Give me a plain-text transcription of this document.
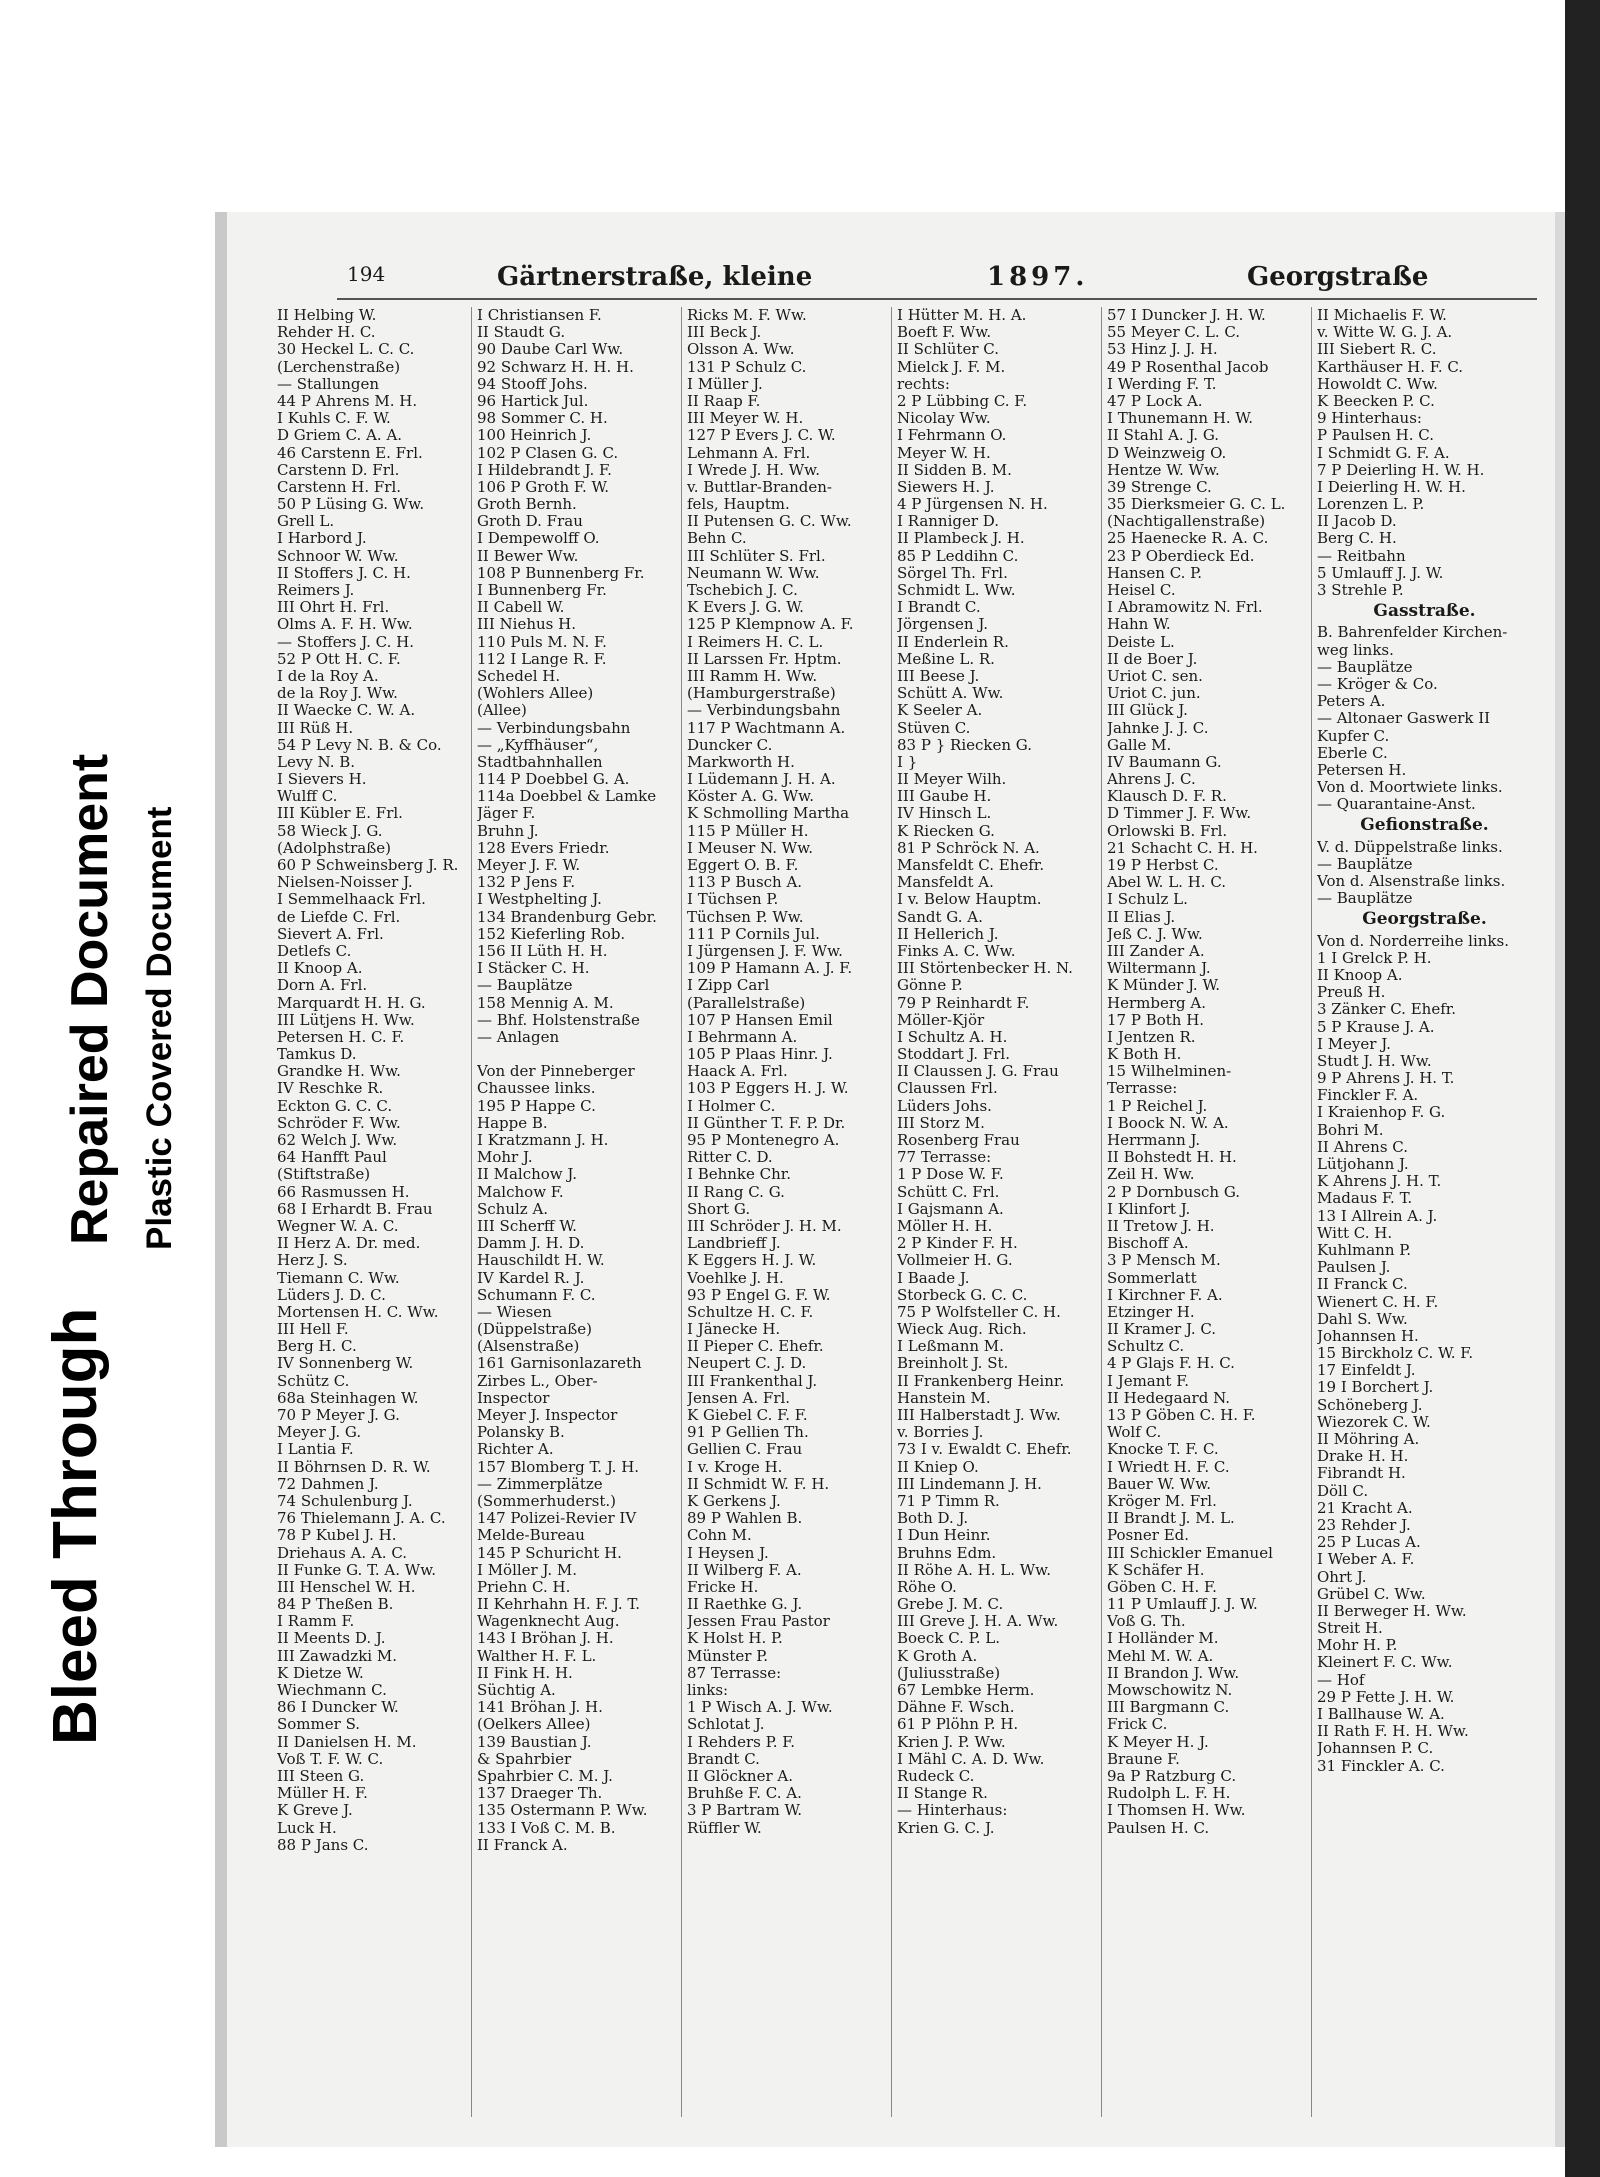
Bleed Through
Repaired Document Plastic Covered Document
194	Gärtnerstraße, kleine	1897.	Georgstraße
II Helbing W.
Rehder H. C.
30 Heckel L. C. C.
(Lerchenstraße)
— Stallungen
44 P Ahrens M. H.
I Kuhls C. F. W.
D Griem C. A. A.
46 Carstenn E. Frl.
Carstenn D. Frl.
Carstenn H. Frl.
50 P Lüsing G. Ww.
Grell L.
I Harbord J.
Schnoor W. Ww.
II Stoffers J. C. H.
Reimers J.
III Ohrt H. Frl.
Olms A. F. H. Ww.
— Stoffers J. C. H.
52 P Ott H. C. F.
I de la Roy A.
de la Roy J. Ww.
II Waecke C. W. A.
III Rüß H.
54 P Levy N. B. & Co.
Levy N. B.
I Sievers H.
Wulff C.
III Kübler E. Frl.
58 Wieck J. G.
(Adolphstraße)
60 P Schweinsberg J. R.
Nielsen-Noisser J.
I Semmelhaack Frl.
de Liefde C. Frl.
Sievert A. Frl.
Detlefs C.
II Knoop A.
Dorn A. Frl.
Marquardt H. H. G.
III Lütjens H. Ww.
Petersen H. C. F.
Tamkus D.
Grandke H. Ww.
IV Reschke R.
Eckton G. C. C.
Schröder F. Ww.
62 Welch J. Ww.
64 Hanfft Paul
(Stiftstraße)
66 Rasmussen H.
68 I Erhardt B. Frau
Wegner W. A. C.
II Herz A. Dr. med.
Herz J. S.
Tiemann C. Ww.
Lüders J. D. C.
Mortensen H. C. Ww.
III Hell F.
Berg H. C.
IV Sonnenberg W.
Schütz C.
68a Steinhagen W.
70 P Meyer J. G.
Meyer J. G.
I Lantia F.
II Böhrnsen D. R. W.
72 Dahmen J.
74 Schulenburg J.
76 Thielemann J. A. C.
78 P Kubel J. H.
Driehaus A. A. C.
II Funke G. T. A. Ww.
III Henschel W. H.
84 P Theßen B.
I Ramm F.
II Meents D. J.
III Zawadzki M.
K Dietze W.
Wiechmann C.
86 I Duncker W.
Sommer S.
II Danielsen H. M.
Voß T. F. W. C.
III Steen G.
Müller H. F.
K Greve J.
Luck H.
88 P Jans C.
I Christiansen F.
II Staudt G.
90 Daube Carl Ww.
92 Schwarz H. H. H.
94 Stooff Johs.
96 Hartick Jul.
98 Sommer C. H.
100 Heinrich J.
102 P Clasen G. C.
I Hildebrandt J. F.
106 P Groth F. W.
Groth Bernh.
Groth D. Frau
I Dempewolff O.
II Bewer Ww.
108 P Bunnenberg Fr.
I Bunnenberg Fr.
II Cabell W.
III Niehus H.
110 Puls M. N. F.
112 I Lange R. F.
Schedel H.
(Wohlers Allee)
(Allee)
— Verbindungsbahn
— „Kyffhäuser“,
Stadtbahnhallen
114 P Doebbel G. A.
114a Doebbel & Lamke
Jäger F.
Bruhn J.
128 Evers Friedr.
Meyer J. F. W.
132 P Jens F.
I Westphelting J.
134 Brandenburg Gebr.
152 Kieferling Rob.
156 II Lüth H. H.
I Stäcker C. H.
— Bauplätze
158 Mennig A. M.
— Bhf. Holstenstraße
— Anlagen
Von der Pinneberger
Chaussee links.
195 P Happe C.
Happe B.
I Kratzmann J. H.
Mohr J.
II Malchow J.
Malchow F.
Schulz A.
III Scherff W.
Damm J. H. D.
Hauschildt H. W.
IV Kardel R. J.
Schumann F. C.
— Wiesen
(Düppelstraße)
(Alsenstraße)
161 Garnisonlazareth
Zirbes L., Ober-
Inspector
Meyer J. Inspector
Polansky B.
Richter A.
157 Blomberg T. J. H.
— Zimmerplätze
(Sommerhuderst.)
147 Polizei-Revier IV
Melde-Bureau
145 P Schuricht H.
I Möller J. M.
Priehn C. H.
II Kehrhahn H. F. J. T.
Wagenknecht Aug.
143 I Bröhan J. H.
Walther H. F. L.
II Fink H. H.
Süchtig A.
141 Bröhan J. H.
(Oelkers Allee)
139 Baustian J.
& Spahrbier
Spahrbier C. M. J.
137 Draeger Th.
135 Ostermann P. Ww.
133 I Voß C. M. B.
II Franck A.
Ricks M. F. Ww.
III Beck J.
Olsson A. Ww.
131 P Schulz C.
I Müller J.
II Raap F.
III Meyer W. H.
127 P Evers J. C. W.
Lehmann A. Frl.
I Wrede J. H. Ww.
v. Buttlar-Branden-
fels, Hauptm.
II Putensen G. C. Ww.
Behn C.
III Schlüter S. Frl.
Neumann W. Ww.
Tschebich J. C.
K Evers J. G. W.
125 P Klempnow A. F.
I Reimers H. C. L.
II Larssen Fr. Hptm.
III Ramm H. Ww.
(Hamburgerstraße)
— Verbindungsbahn
117 P Wachtmann A.
Duncker C.
Markworth H.
I Lüdemann J. H. A.
Köster A. G. Ww.
K Schmolling Martha
115 P Müller H.
I Meuser N. Ww.
Eggert O. B. F.
113 P Busch A.
I Tüchsen P.
Tüchsen P. Ww.
111 P Cornils Jul.
I Jürgensen J. F. Ww.
109 P Hamann A. J. F.
I Zipp Carl
(Parallelstraße)
107 P Hansen Emil
I Behrmann A.
105 P Plaas Hinr. J.
Haack A. Frl.
103 P Eggers H. J. W.
I Holmer C.
II Günther T. F. P. Dr.
95 P Montenegro A.
Ritter C. D.
I Behnke Chr.
II Rang C. G.
Short G.
III Schröder J. H. M.
Landbrieff J.
K Eggers H. J. W.
Voehlke J. H.
93 P Engel G. F. W.
Schultze H. C. F.
I Jänecke H.
II Pieper C. Ehefr.
Neupert C. J. D.
III Frankenthal J.
Jensen A. Frl.
K Giebel C. F. F.
91 P Gellien Th.
Gellien C. Frau
I v. Kroge H.
II Schmidt W. F. H.
K Gerkens J.
89 P Wahlen B.
Cohn M.
I Heysen J.
II Wilberg F. A.
Fricke H.
II Raethke G. J.
Jessen Frau Pastor
K Holst H. P.
Münster P.
87 Terrasse:
links:
1 P Wisch A. J. Ww.
Schlotat J.
I Rehders P. F.
Brandt C.
II Glöckner A.
Bruhße F. C. A.
3 P Bartram W.
Rüffler W.
I Hütter M. H. A.
Boeft F. Ww.
II Schlüter C.
Mielck J. F. M.
rechts:
2 P Lübbing C. F.
Nicolay Ww.
I Fehrmann O.
Meyer W. H.
II Sidden B. M.
Siewers H. J.
4 P Jürgensen N. H.
I Ranniger D.
II Plambeck J. H.
85 P Leddihn C.
Sörgel Th. Frl.
Schmidt L. Ww.
I Brandt C.
Jörgensen J.
II Enderlein R.
Meßine L. R.
III Beese J.
Schütt A. Ww.
K Seeler A.
Stüven C.
83 P } Riecken G.
I }
II Meyer Wilh.
III Gaube H.
IV Hinsch L.
K Riecken G.
81 P Schröck N. A.
Mansfeldt C. Ehefr.
Mansfeldt A.
I v. Below Hauptm.
Sandt G. A.
II Hellerich J.
Finks A. C. Ww.
III Störtenbecker H. N.
Gönne P.
79 P Reinhardt F.
Möller-Kjör
I Schultz A. H.
Stoddart J. Frl.
II Claussen J. G. Frau
Claussen Frl.
Lüders Johs.
III Storz M.
Rosenberg Frau
77 Terrasse:
1 P Dose W. F.
Schütt C. Frl.
I Gajsmann A.
Möller H. H.
2 P Kinder F. H.
Vollmeier H. G.
I Baade J.
Storbeck G. C. C.
75 P Wolfsteller C. H.
Wieck Aug. Rich.
I Leßmann M.
Breinholt J. St.
II Frankenberg Heinr.
Hanstein M.
III Halberstadt J. Ww.
v. Borries J.
73 I v. Ewaldt C. Ehefr.
II Kniep O.
III Lindemann J. H.
71 P Timm R.
Both D. J.
I Dun Heinr.
Bruhns Edm.
II Röhe A. H. L. Ww.
Röhe O.
Grebe J. M. C.
III Greve J. H. A. Ww.
Boeck C. P. L.
K Groth A.
(Juliusstraße)
67 Lembke Herm.
Dähne F. Wsch.
61 P Plöhn P. H.
Krien J. P. Ww.
I Mähl C. A. D. Ww.
Rudeck C.
II Stange R.
— Hinterhaus:
Krien G. C. J.
57 I Duncker J. H. W.
55 Meyer C. L. C.
53 Hinz J. J. H.
49 P Rosenthal Jacob
I Werding F. T.
47 P Lock A.
I Thunemann H. W.
II Stahl A. J. G.
D Weinzweig O.
Hentze W. Ww.
39 Strenge C.
35 Dierksmeier G. C. L.
(Nachtigallenstraße)
25 Haenecke R. A. C.
23 P Oberdieck Ed.
Hansen C. P.
Heisel C.
I Abramowitz N. Frl.
Hahn W.
Deiste L.
II de Boer J.
Uriot C. sen.
Uriot C. jun.
III Glück J.
Jahnke J. J. C.
Galle M.
IV Baumann G.
Ahrens J. C.
Klausch D. F. R.
D Timmer J. F. Ww.
Orlowski B. Frl.
21 Schacht C. H. H.
19 P Herbst C.
Abel W. L. H. C.
I Schulz L.
II Elias J.
Jeß C. J. Ww.
III Zander A.
Wiltermann J.
K Münder J. W.
Hermberg A.
17 P Both H.
I Jentzen R.
K Both H.
15 Wilhelminen-
Terrasse:
1 P Reichel J.
I Boock N. W. A.
Herrmann J.
II Bohstedt H. H.
Zeil H. Ww.
2 P Dornbusch G.
I Klinfort J.
II Tretow J. H.
Bischoff A.
3 P Mensch M.
Sommerlatt
I Kirchner F. A.
Etzinger H.
II Kramer J. C.
Schultz C.
4 P Glajs F. H. C.
I Jemant F.
II Hedegaard N.
13 P Göben C. H. F.
Wolf C.
Knocke T. F. C.
I Wriedt H. F. C.
Bauer W. Ww.
Kröger M. Frl.
II Brandt J. M. L.
Posner Ed.
III Schickler Emanuel
K Schäfer H.
Göben C. H. F.
11 P Umlauff J. J. W.
Voß G. Th.
I Holländer M.
Mehl M. W. A.
II Brandon J. Ww.
Mowschowitz N.
III Bargmann C.
Frick C.
K Meyer H. J.
Braune F.
9a P Ratzburg C.
Rudolph L. F. H.
I Thomsen H. Ww.
Paulsen H. C.
II Michaelis F. W.
v. Witte W. G. J. A.
III Siebert R. C.
Karthäuser H. F. C.
Howoldt C. Ww.
K Beecken P. C.
9 Hinterhaus:
P Paulsen H. C.
I Schmidt G. F. A.
7 P Deierling H. W. H.
I Deierling H. W. H.
Lorenzen L. P.
II Jacob D.
Berg C. H.
— Reitbahn
5 Umlauff J. J. W.
3 Strehle P.
Gasstraße.
B. Bahrenfelder Kirchen-
weg links.
— Bauplätze
— Kröger & Co.
Peters A.
— Altonaer Gaswerk II
Kupfer C.
Eberle C.
Petersen H.
Von d. Moortwiete links.
— Quarantaine-Anst.
Gefionstraße.
V. d. Düppelstraße links.
— Bauplätze
Von d. Alsenstraße links.
— Bauplätze
Georgstraße.
Von d. Norderreihe links.
1 I Grelck P. H.
II Knoop A.
Preuß H.
3 Zänker C. Ehefr.
5 P Krause J. A.
I Meyer J.
Studt J. H. Ww.
9 P Ahrens J. H. T.
Finckler F. A.
I Kraienhop F. G.
Bohri M.
II Ahrens C.
Lütjohann J.
K Ahrens J. H. T.
Madaus F. T.
13 I Allrein A. J.
Witt C. H.
Kuhlmann P.
Paulsen J.
II Franck C.
Wienert C. H. F.
Dahl S. Ww.
Johannsen H.
15 Birckholz C. W. F.
17 Einfeldt J.
19 I Borchert J.
Schöneberg J.
Wiezorek C. W.
II Möhring A.
Drake H. H.
Fibrandt H.
Döll C.
21 Kracht A.
23 Rehder J.
25 P Lucas A.
I Weber A. F.
Ohrt J.
Grübel C. Ww.
II Berweger H. Ww.
Streit H.
Mohr H. P.
Kleinert F. C. Ww.
— Hof
29 P Fette J. H. W.
I Ballhause W. A.
II Rath F. H. H. Ww.
Johannsen P. C.
31 Finckler A. C.
